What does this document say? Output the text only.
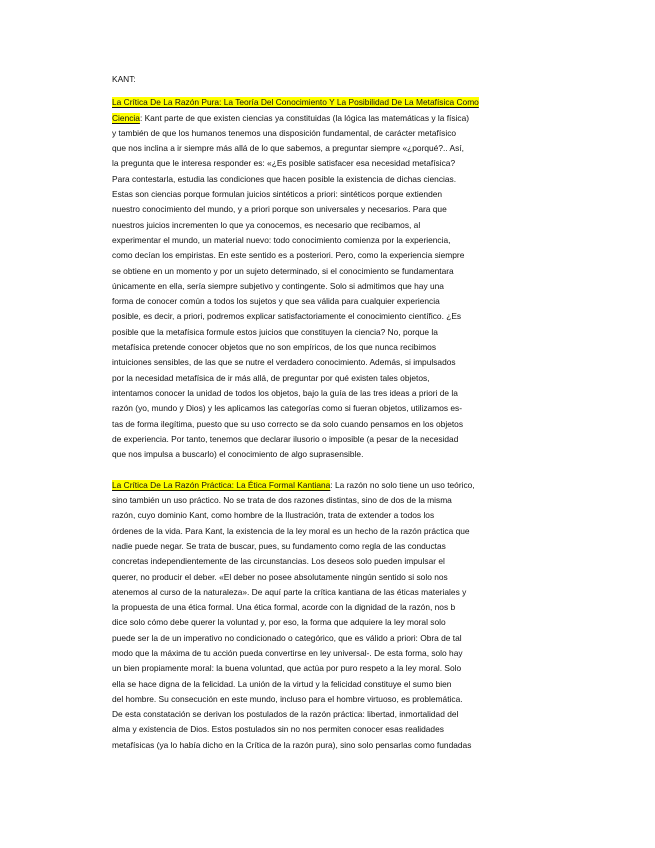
KANT:

La Crítica De La Razón Pura: La Teoría Del Conocimiento Y La Posibilidad De La Metafísica Como
Ciencia: Kant parte de que existen ciencias ya constituidas (la lógica las matemáticas y la física)
y también de que los humanos tenemos una disposición fundamental, de carácter metafísico
que nos inclina a ir siempre más allá de lo que sabemos, a preguntar siempre «¿porqué?.. Así,
la pregunta que le interesa responder es: «¿Es posible satisfacer esa necesidad metafísica?
Para contestarla, estudia las condiciones que hacen posible la existencia de dichas ciencias.
Estas son ciencias porque formulan juicios sintéticos a priori: sintéticos porque extienden
nuestro conocimiento del mundo, y a priori porque son universales y necesarios. Para que
nuestros juicios incrementen lo que ya conocemos, es necesario que recibamos, al
experimentar el mundo, un material nuevo: todo conocimiento comienza por la experiencia,
como decían los empiristas. En este sentido es a posteriori. Pero, como la experiencia siempre
se obtiene en un momento y por un sujeto determinado, si el conocimiento se fundamentara
únicamente en ella, sería siempre subjetivo y contingente. Solo si admitimos que hay una
forma de conocer común a todos los sujetos y que sea válida para cualquier experiencia
posible, es decir, a priori, podremos explicar satisfactoriamente el conocimiento científico. ¿Es
posible que la metafísica formule estos juicios que constituyen la ciencia? No, porque la
metafísica pretende conocer objetos que no son empíricos, de los que nunca recibimos
intuiciones sensibles, de las que se nutre el verdadero conocimiento. Además, si impulsados
por la necesidad metafísica de ir más allá, de preguntar por qué existen tales objetos,
intentamos conocer la unidad de todos los objetos, bajo la guía de las tres ideas a priori de la
razón (yo, mundo y Dios) y les aplicamos las categorías como si fueran objetos, utilizamos es-
tas de forma ilegítima, puesto que su uso correcto se da solo cuando pensamos en los objetos
de experiencia. Por tanto, tenemos que declarar ilusorio o imposible (a pesar de la necesidad
que nos impulsa a buscarlo) el conocimiento de algo suprasensible.
La Crítica De La Razón Práctica: La Ética Formal Kantiana: La razón no solo tiene un uso teórico,
sino también un uso práctico. No se trata de dos razones distintas, sino de dos de la misma
razón, cuyo dominio Kant, como hombre de la Ilustración, trata de extender a todos los
órdenes de la vida. Para Kant, la existencia de la ley moral es un hecho de la razón práctica que
nadie puede negar. Se trata de buscar, pues, su fundamento como regla de las conductas
concretas independientemente de las circunstancias. Los deseos solo pueden impulsar el
querer, no producir el deber. «El deber no posee absolutamente ningún sentido si solo nos
atenemos al curso de la naturaleza». De aquí parte la crítica kantiana de las éticas materiales y
la propuesta de una ética formal. Una ética formal, acorde con la dignidad de la razón, nos b
dice solo cómo debe querer la voluntad y, por eso, la forma que adquiere la ley moral solo
puede ser la de un imperativo no condicionado o categórico, que es válido a priori: Obra de tal
modo que la máxima de tu acción pueda convertirse en ley universal-. De esta forma, solo hay
un bien propiamente moral: la buena voluntad, que actúa por puro respeto a la ley moral. Solo
ella se hace digna de la felicidad. La unión de la virtud y la felicidad constituye el sumo bien
del hombre. Su consecución en este mundo, incluso para el hombre virtuoso, es problemática.
De esta constatación se derivan los postulados de la razón práctica: libertad, inmortalidad del
alma y existencia de Dios. Estos postulados sin no nos permiten conocer esas realidades
metafísicas (ya lo había dicho en la Crítica de la razón pura), sino solo pensarlas como fundadas
